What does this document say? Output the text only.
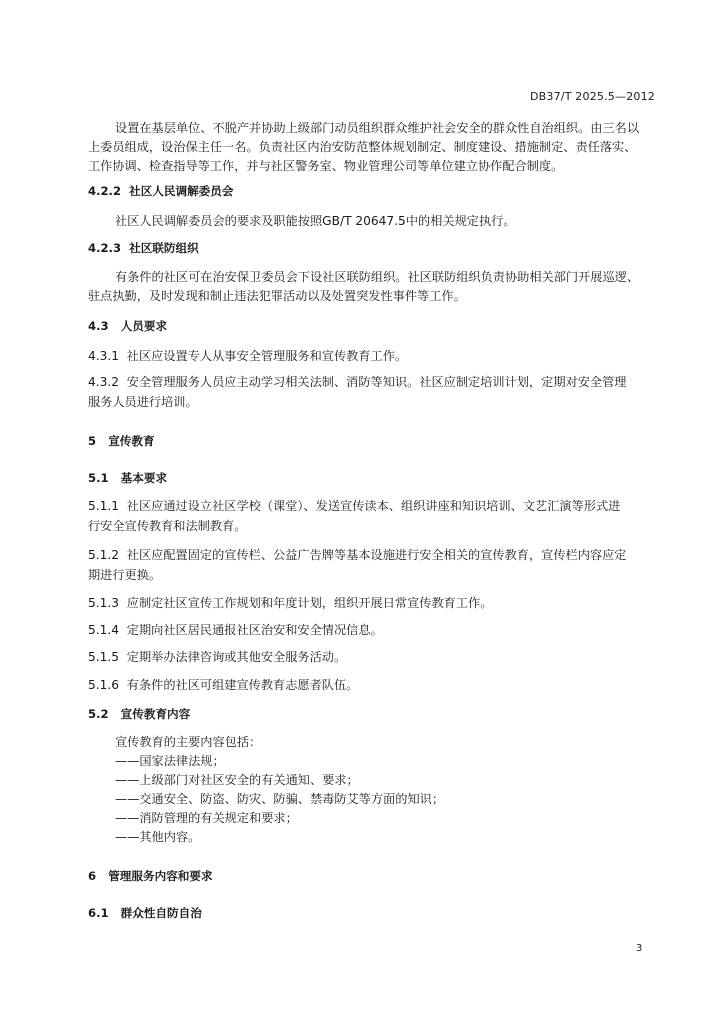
DB37/T 2025.5—2012
设置在基层单位、不脱产并协助上级部门动员组织群众维护社会安全的群众性自治组织。由三名以
上委员组成，设治保主任一名。负责社区内治安防范整体规划制定、制度建设、措施制定、责任落实、
工作协调、检查指导等工作，并与社区警务室、物业管理公司等单位建立协作配合制度。
4.2.2 社区人民调解委员会
社区人民调解委员会的要求及职能按照GB/T 20647.5中的相关规定执行。
4.2.3 社区联防组织
有条件的社区可在治安保卫委员会下设社区联防组织。社区联防组织负责协助相关部门开展巡逻、
驻点执勤，及时发现和制止违法犯罪活动以及处置突发性事件等工作。
4.3 人员要求
4.3.1 社区应设置专人从事安全管理服务和宣传教育工作。
4.3.2 安全管理服务人员应主动学习相关法制、消防等知识。社区应制定培训计划，定期对安全管理
服务人员进行培训。
5 宣传教育
5.1 基本要求
5.1.1 社区应通过设立社区学校（课堂）、发送宣传读本、组织讲座和知识培训、文艺汇演等形式进
行安全宣传教育和法制教育。
5.1.2 社区应配置固定的宣传栏、公益广告牌等基本设施进行安全相关的宣传教育，宣传栏内容应定
期进行更换。
5.1.3 应制定社区宣传工作规划和年度计划，组织开展日常宣传教育工作。
5.1.4 定期向社区居民通报社区治安和安全情况信息。
5.1.5 定期举办法律咨询或其他安全服务活动。
5.1.6 有条件的社区可组建宣传教育志愿者队伍。
5.2 宣传教育内容
宣传教育的主要内容包括：
——国家法律法规；
——上级部门对社区安全的有关通知、要求；
——交通安全、防盗、防灾、防骗、禁毒防艾等方面的知识；
——消防管理的有关规定和要求；
——其他内容。
6 管理服务内容和要求
6.1 群众性自防自治
3
